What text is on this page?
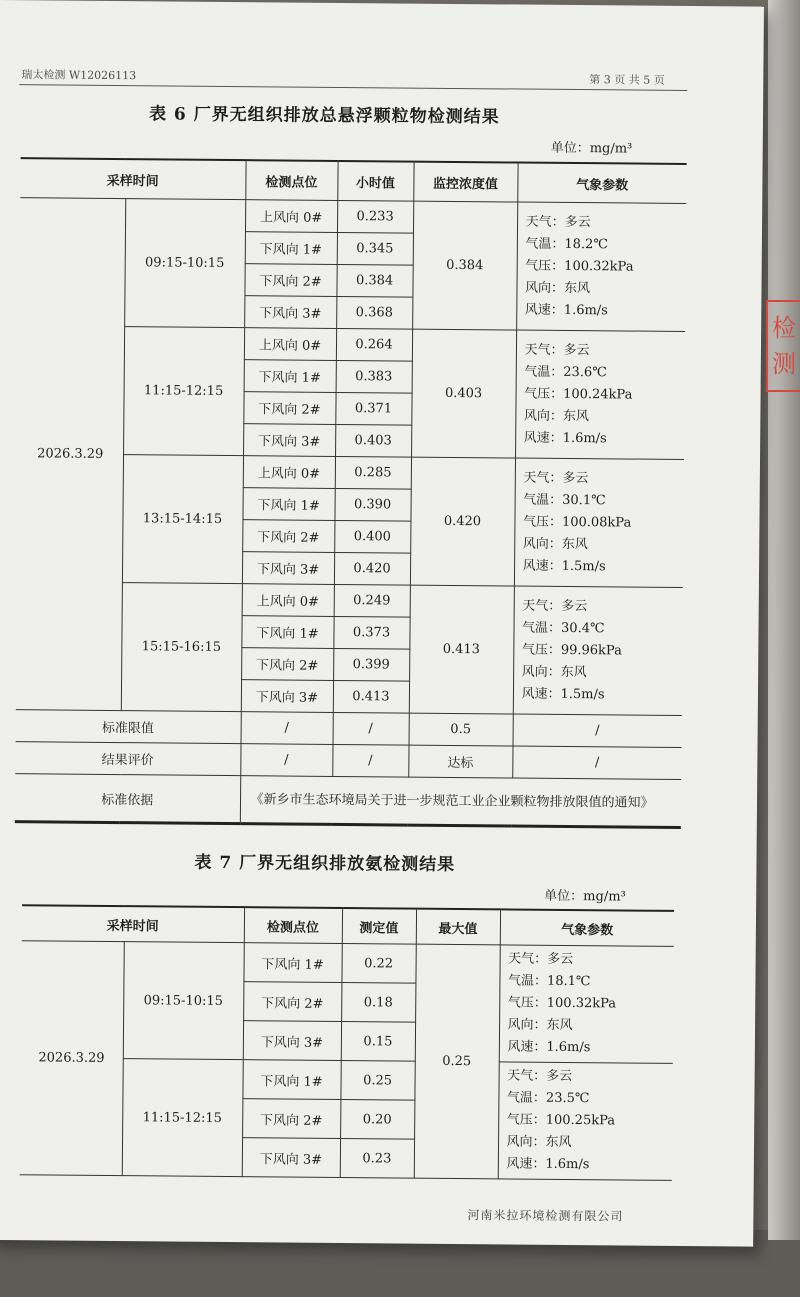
瑞太检测 W12026113	第 3 页 共 5 页
表 6 厂界无组织排放总悬浮颗粒物检测结果
单位：mg/m³
采样时间		检测点位	小时值	监控浓度值	气象参数
2026.3.29	09:15-10:15	上风向 0#	0.233	0.384	天气：多云
气温：18.2℃
气压：100.32kPa
风向：东风
风速：1.6m/s

		下风向 1#	0.345		
		下风向 2#	0.384		
		下风向 3#	0.368		
	11:15-12:15	上风向 0#	0.264	0.403	天气：多云
气温：23.6℃
气压：100.24kPa
风向：东风
风速：1.6m/s

		下风向 1#	0.383		
		下风向 2#	0.371		
		下风向 3#	0.403		
	13:15-14:15	上风向 0#	0.285	0.420	天气：多云
气温：30.1℃
气压：100.08kPa
风向：东风
风速：1.5m/s

		下风向 1#	0.390		
		下风向 2#	0.400		
		下风向 3#	0.420		
	15:15-16:15	上风向 0#	0.249	0.413	天气：多云
气温：30.4℃
气压：99.96kPa
风向：东风
风速：1.5m/s

		下风向 1#	0.373		
		下风向 2#	0.399		
		下风向 3#	0.413		
标准限值		/	/	0.5	/
结果评价		/	/	达标	/
标准依据		《新乡市生态环境局关于进一步规范工业企业颗粒物排放限值的通知》			
表 7 厂界无组织排放氨检测结果
单位：mg/m³
采样时间		检测点位	测定值	最大值	气象参数
2026.3.29	09:15-10:15	下风向 1#	0.22	0.25	天气：多云
气温：18.1℃
气压：100.32kPa
风向：东风
风速：1.6m/s

		下风向 2#	0.18		
		下风向 3#	0.15		
	11:15-12:15	下风向 1#	0.25		天气：多云
气温：23.5℃
气压：100.25kPa
风向：东风
风速：1.6m/s

		下风向 2#	0.20		
		下风向 3#	0.23		
河南米拉环境检测有限公司
检测
